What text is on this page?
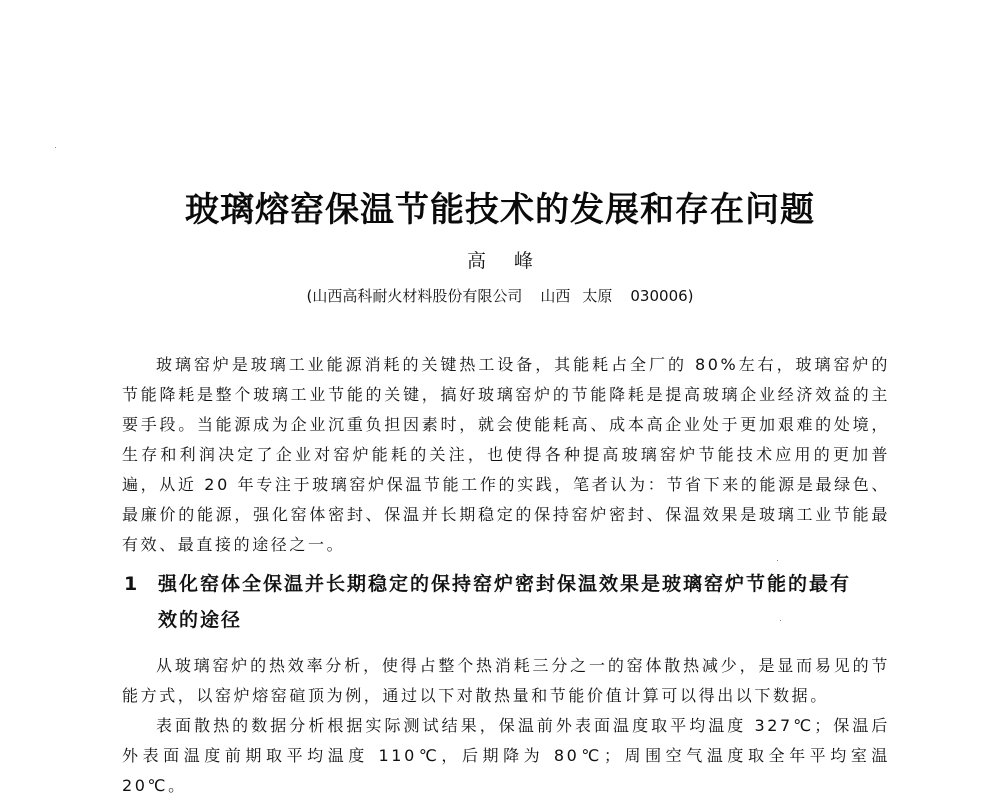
玻璃熔窑保温节能技术的发展和存在问题
高 峰
(山西高科耐火材料股份有限公司 山西 太原 030006)

玻璃窑炉是玻璃工业能源消耗的关键热工设备，其能耗占全厂的 80%左右，玻璃窑炉的节能降耗是整个玻璃工业节能的关键，搞好玻璃窑炉的节能降耗是提高玻璃企业经济效益的主要手段。当能源成为企业沉重负担因素时，就会使能耗高、成本高企业处于更加艰难的处境，生存和利润决定了企业对窑炉能耗的关注，也使得各种提高玻璃窑炉节能技术应用的更加普遍，从近 20 年专注于玻璃窑炉保温节能工作的实践，笔者认为：节省下来的能源是最绿色、最廉价的能源，强化窑体密封、保温并长期稳定的保持窑炉密封、保温效果是玻璃工业节能最有效、最直接的途径之一。

1 强化窑体全保温并长期稳定的保持窑炉密封保温效果是玻璃窑炉节能的最有效的途径

从玻璃窑炉的热效率分析，使得占整个热消耗三分之一的窑体散热减少，是显而易见的节能方式，以窑炉熔窑碹顶为例，通过以下对散热量和节能价值计算可以得出以下数据。

表面散热的数据分析根据实际测试结果，保温前外表面温度取平均温度 327℃；保温后外表面温度前期取平均温度 110℃，后期降为 80℃；周围空气温度取全年平均室温 20℃。
